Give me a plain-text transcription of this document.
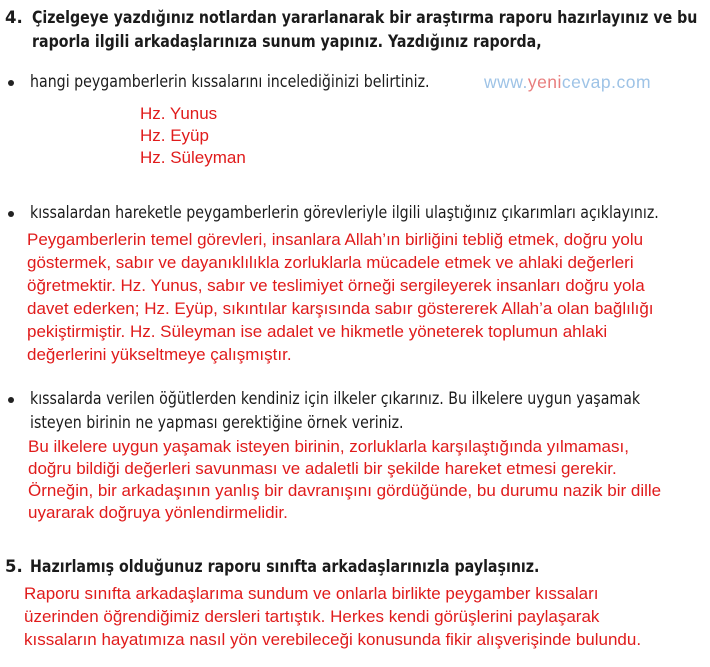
4. Çizelgeye yazdığınız notlardan yararlanarak bir araştırma raporu hazırlayınız ve bu
raporla ilgili arkadaşlarınıza sunum yapınız. Yazdığınız raporda,
hangi peygamberlerin kıssalarını incelediğinizi belirtiniz.	www.yenicevap.com
Hz. Yunus
Hz. Eyüp
Hz. Süleyman
kıssalardan hareketle peygamberlerin görevleriyle ilgili ulaştığınız çıkarımları açıklayınız.
Peygamberlerin temel görevleri, insanlara Allah’ın birliğini tebliğ etmek, doğru yolu
göstermek, sabır ve dayanıklılıkla zorluklarla mücadele etmek ve ahlaki değerleri
öğretmektir. Hz. Yunus, sabır ve teslimiyet örneği sergileyerek insanları doğru yola
davet ederken; Hz. Eyüp, sıkıntılar karşısında sabır göstererek Allah’a olan bağlılığı
pekiştirmiştir. Hz. Süleyman ise adalet ve hikmetle yöneterek toplumun ahlaki
değerlerini yükseltmeye çalışmıştır.
kıssalarda verilen öğütlerden kendiniz için ilkeler çıkarınız. Bu ilkelere uygun yaşamak
isteyen birinin ne yapması gerektiğine örnek veriniz.
Bu ilkelere uygun yaşamak isteyen birinin, zorluklarla karşılaştığında yılmaması,
doğru bildiği değerleri savunması ve adaletli bir şekilde hareket etmesi gerekir.
Örneğin, bir arkadaşının yanlış bir davranışını gördüğünde, bu durumu nazik bir dille
uyararak doğruya yönlendirmelidir.
5. Hazırlamış olduğunuz raporu sınıfta arkadaşlarınızla paylaşınız.
Raporu sınıfta arkadaşlarıma sundum ve onlarla birlikte peygamber kıssaları
üzerinden öğrendiğimiz dersleri tartıştık. Herkes kendi görüşlerini paylaşarak
kıssaların hayatımıza nasıl yön verebileceği konusunda fikir alışverişinde bulundu.
